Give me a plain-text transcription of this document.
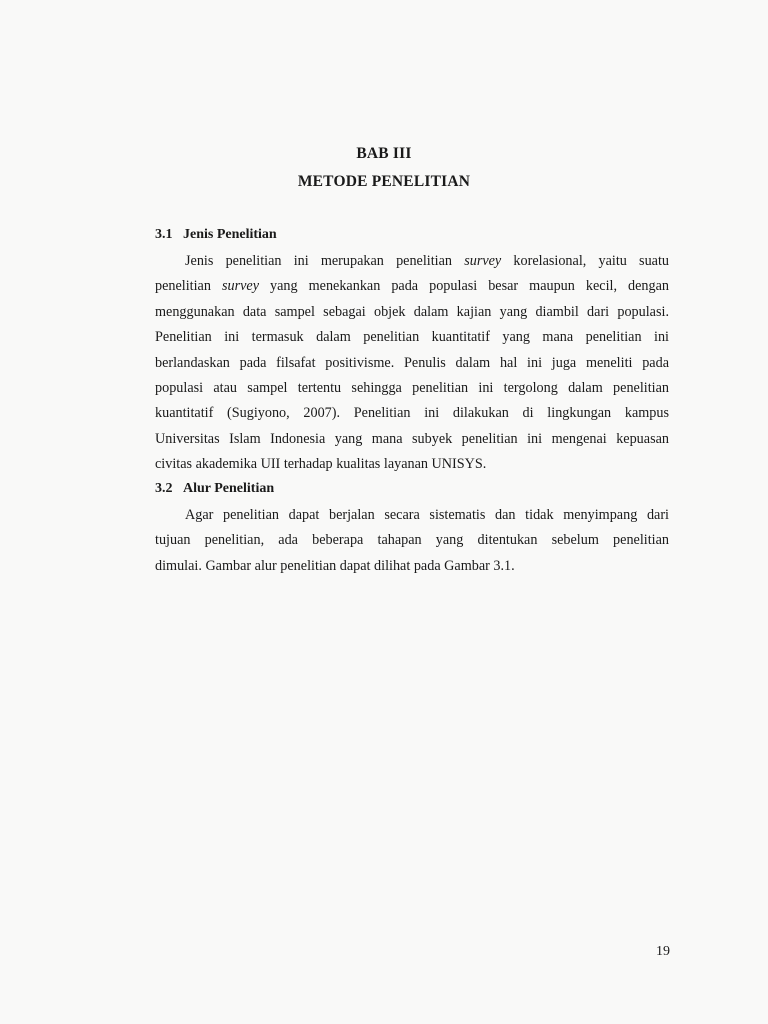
BAB III
METODE PENELITIAN
3.1 Jenis Penelitian
Jenis penelitian ini merupakan penelitian survey korelasional, yaitu suatu
penelitian survey yang menekankan pada populasi besar maupun kecil, dengan
menggunakan data sampel sebagai objek dalam kajian yang diambil dari populasi.
Penelitian ini termasuk dalam penelitian kuantitatif yang mana penelitian ini
berlandaskan pada filsafat positivisme. Penulis dalam hal ini juga meneliti pada
populasi atau sampel tertentu sehingga penelitian ini tergolong dalam penelitian
kuantitatif (Sugiyono, 2007). Penelitian ini dilakukan di lingkungan kampus
Universitas Islam Indonesia yang mana subyek penelitian ini mengenai kepuasan
civitas akademika UII terhadap kualitas layanan UNISYS.
3.2 Alur Penelitian
Agar penelitian dapat berjalan secara sistematis dan tidak menyimpang dari
tujuan penelitian, ada beberapa tahapan yang ditentukan sebelum penelitian
dimulai. Gambar alur penelitian dapat dilihat pada Gambar 3.1.
19
